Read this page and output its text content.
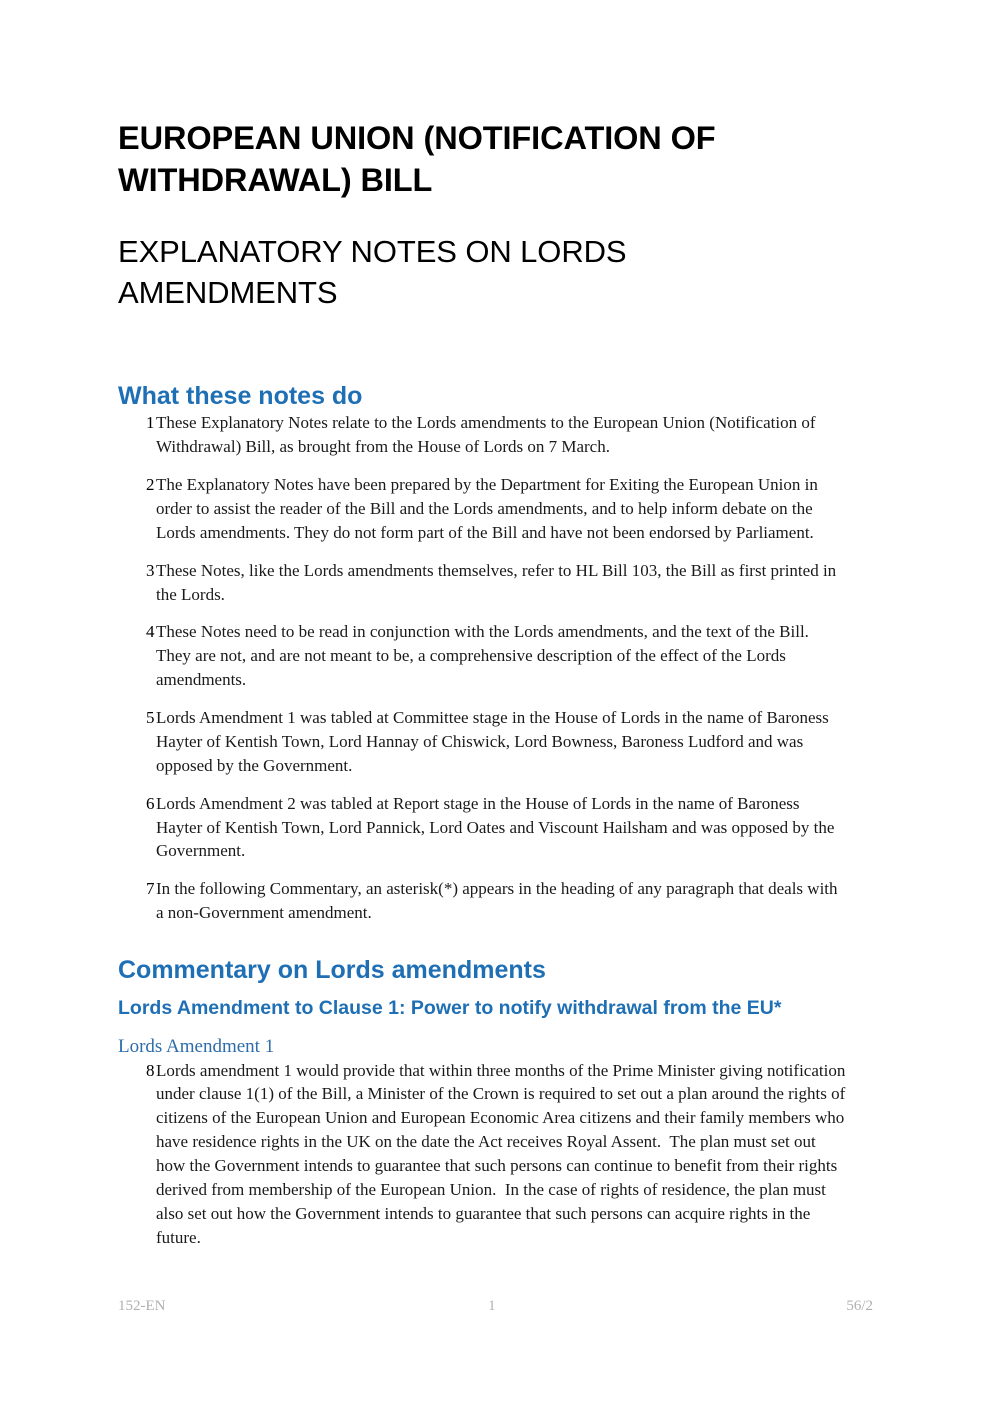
EUROPEAN UNION (NOTIFICATION OF WITHDRAWAL) BILL
EXPLANATORY NOTES ON LORDS AMENDMENTS
What these notes do
1 These Explanatory Notes relate to the Lords amendments to the European Union (Notification of Withdrawal) Bill, as brought from the House of Lords on 7 March.
2 The Explanatory Notes have been prepared by the Department for Exiting the European Union in order to assist the reader of the Bill and the Lords amendments, and to help inform debate on the Lords amendments. They do not form part of the Bill and have not been endorsed by Parliament.
3 These Notes, like the Lords amendments themselves, refer to HL Bill 103, the Bill as first printed in the Lords.
4 These Notes need to be read in conjunction with the Lords amendments, and the text of the Bill.  They are not, and are not meant to be, a comprehensive description of the effect of the Lords amendments.
5 Lords Amendment 1 was tabled at Committee stage in the House of Lords in the name of Baroness Hayter of Kentish Town, Lord Hannay of Chiswick, Lord Bowness, Baroness Ludford and was opposed by the Government.
6 Lords Amendment 2 was tabled at Report stage in the House of Lords in the name of Baroness Hayter of Kentish Town, Lord Pannick, Lord Oates and Viscount Hailsham and was opposed by the Government.
7 In the following Commentary, an asterisk(*) appears in the heading of any paragraph that deals with a non-Government amendment.
Commentary on Lords amendments
Lords Amendment to Clause 1: Power to notify withdrawal from the EU*
Lords Amendment 1
8 Lords amendment 1 would provide that within three months of the Prime Minister giving notification under clause 1(1) of the Bill, a Minister of the Crown is required to set out a plan around the rights of citizens of the European Union and European Economic Area citizens and their family members who have residence rights in the UK on the date the Act receives Royal Assent.  The plan must set out how the Government intends to guarantee that such persons can continue to benefit from their rights derived from membership of the European Union.  In the case of rights of residence, the plan must also set out how the Government intends to guarantee that such persons can acquire rights in the future.
152-EN	1	56/2
